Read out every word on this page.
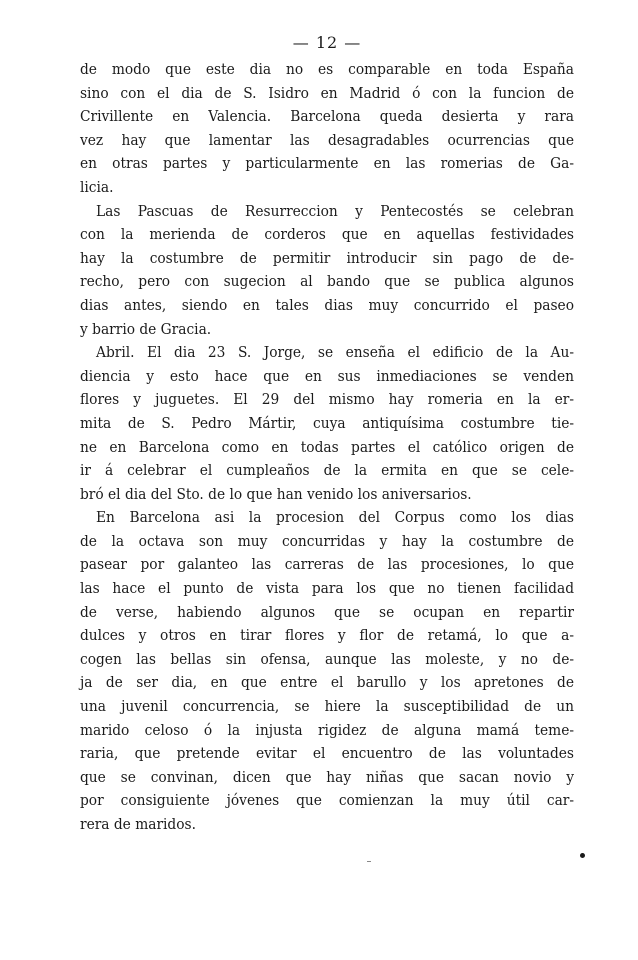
— 12 —
de modo que este dia no es comparable en toda España
sino con el dia de S. Isidro en Madrid ó con la funcion de
Crivillente en Valencia. Barcelona queda desierta y rara
vez hay que lamentar las desagradables ocurrencias que
en otras partes y particularmente en las romerias de Ga-
licia.
Las Pascuas de Resurreccion y Pentecostés se celebran
con la merienda de corderos que en aquellas festividades
hay la costumbre de permitir introducir sin pago de de-
recho, pero con sugecion al bando que se publica algunos
dias antes, siendo en tales dias muy concurrido el paseo
y barrio de Gracia.
Abril. El dia 23 S. Jorge, se enseña el edificio de la Au-
diencia y esto hace que en sus inmediaciones se venden
flores y juguetes. El 29 del mismo hay romeria en la er-
mita de S. Pedro Mártir, cuya antiquísima costumbre tie-
ne en Barcelona como en todas partes el católico origen de
ir á celebrar el cumpleaños de la ermita en que se cele-
bró el dia del Sto. de lo que han venido los aniversarios.
En Barcelona asi la procesion del Corpus como los dias
de la octava son muy concurridas y hay la costumbre de
pasear por galanteo las carreras de las procesiones, lo que
las hace el punto de vista para los que no tienen facilidad
de verse, habiendo algunos que se ocupan en repartir
dulces y otros en tirar flores y flor de retamá, lo que a-
cogen las bellas sin ofensa, aunque las moleste, y no de-
ja de ser dia, en que entre el barullo y los apretones de
una juvenil concurrencia, se hiere la susceptibilidad de un
marido celoso ó la injusta rigidez de alguna mamá teme-
raria, que pretende evitar el encuentro de las voluntades
que se convinan, dicen que hay niñas que sacan novio y
por consiguiente jóvenes que comienzan la muy útil car-
rera de maridos.
